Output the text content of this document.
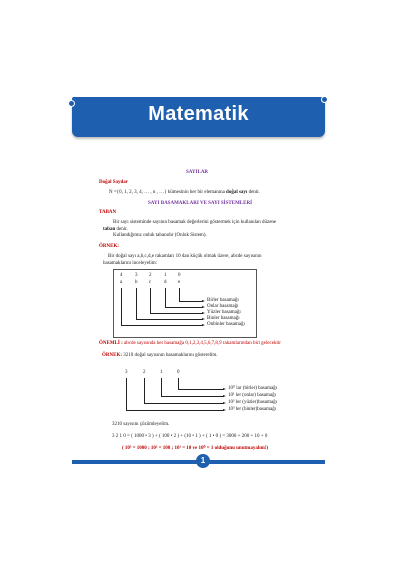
Matematik
SAYILAR
Doğal Sayılar
N ={0, 1, 2, 3, 4, … , n , …} kümesinin her bir elemanına doğal sayı denir.
SAYI BASAMAKLARI VE SAYI SİSTEMLERİ
TABAN
Bir sayı sisteminde sayının basamak değerlerini göstermek için kullanılan düzene
taban denir.
Kullandığımız onluk tabanıdır (Onluk Sistem).
ÖRNEK:
Bir doğal sayı a,b,c,d,e rakamları 10 dan küçük olmak üzere, abcde sayısının
basamaklarını inceleyelim:
4	3 2	1 0
a	b c	d e
Birler basamağı
Onlar basamağı
Yüzler basamağı
Binler basamağı
Onbinler basamağı
ÖNEMLİ : abcde sayısında her basamağa 0,1,2,3,4,5,6,7,8,9 rakamlarından biri gelecektir
ÖRNEK: 3210 doğal sayısının basamaklarını gösterelim.
3	2	1	0
10⁰ lar (birler) basamağı
10¹ ler (onlar) basamağı
10² ler (yüzler)basamağı
10³ ler (binler)basamağı
3210 sayısını çözümleyelim.
3 2 1 0 = ( 1000 • 3 ) + ( 100 • 2 ) + (10 • 1 ) + ( 1 • 0 ) = 3000 + 200 + 10 + 0
( 10³ = 1000 ; 10² = 100 ; 10¹ = 10 ve 10⁰ = 1 olduğunu unutmayalım!)
1
